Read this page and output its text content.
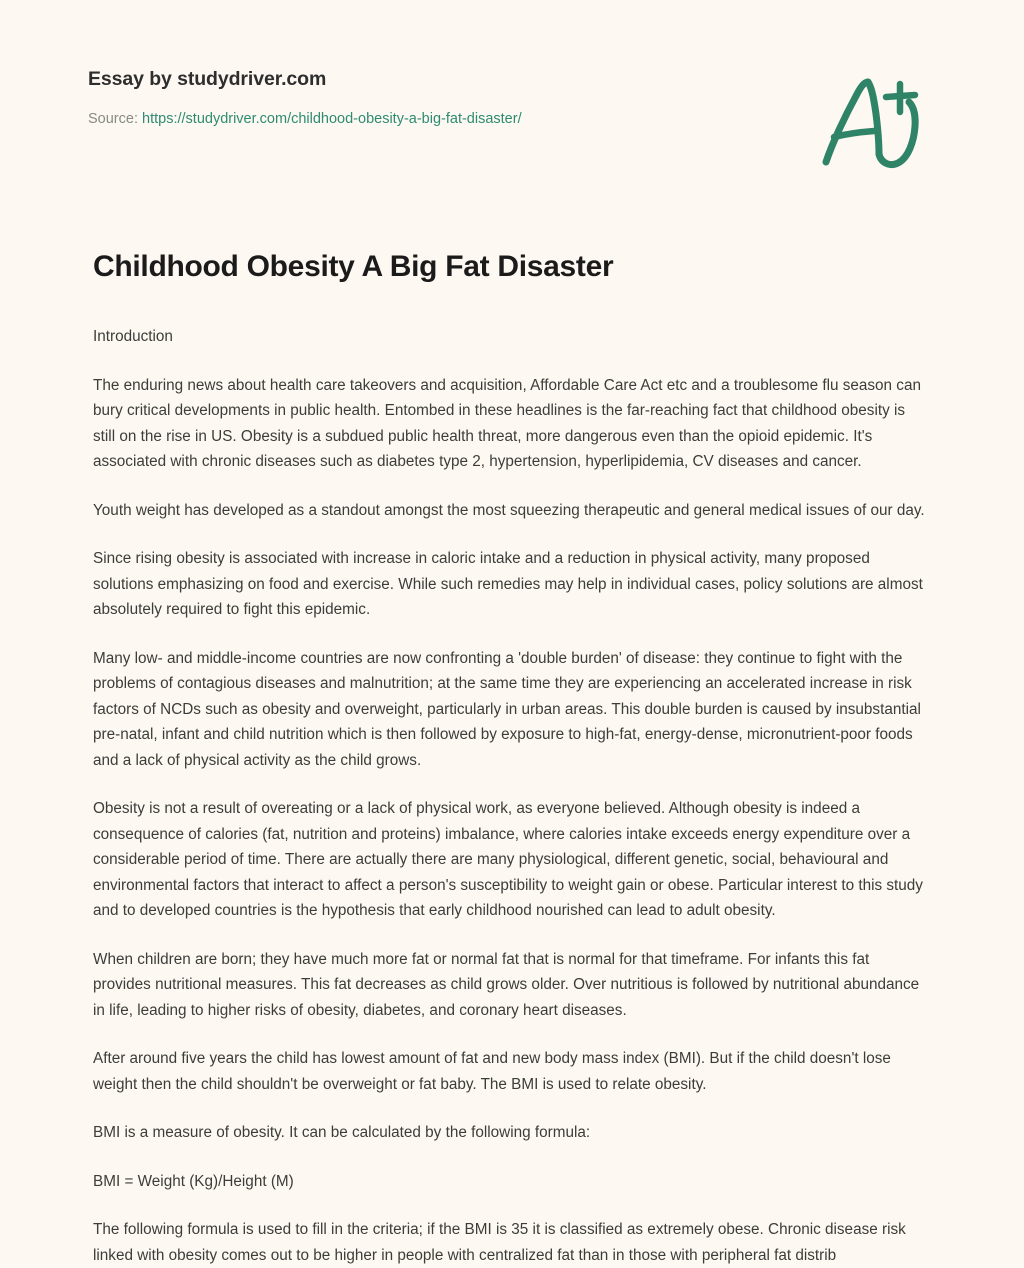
Essay by studydriver.com
Source: https://studydriver.com/childhood-obesity-a-big-fat-disaster/
Childhood Obesity A Big Fat Disaster

Introduction

The enduring news about health care takeovers and acquisition, Affordable Care Act etc and a troublesome flu season can bury critical developments in public health. Entombed in these headlines is the far-reaching fact that childhood obesity is still on the rise in US. Obesity is a subdued public health threat, more dangerous even than the opioid epidemic. It's associated with chronic diseases such as diabetes type 2, hypertension, hyperlipidemia, CV diseases and cancer.

Youth weight has developed as a standout amongst the most squeezing therapeutic and general medical issues of our day.

Since rising obesity is associated with increase in caloric intake and a reduction in physical activity, many proposed solutions emphasizing on food and exercise. While such remedies may help in individual cases, policy solutions are almost absolutely required to fight this epidemic.

Many low- and middle-income countries are now confronting a 'double burden' of disease: they continue to fight with the problems of contagious diseases and malnutrition; at the same time they are experiencing an accelerated increase in risk factors of NCDs such as obesity and overweight, particularly in urban areas. This double burden is caused by insubstantial pre-natal, infant and child nutrition which is then followed by exposure to high-fat, energy-dense, micronutrient-poor foods and a lack of physical activity as the child grows.

Obesity is not a result of overeating or a lack of physical work, as everyone believed. Although obesity is indeed a consequence of calories (fat, nutrition and proteins) imbalance, where calories intake exceeds energy expenditure over a considerable period of time. There are actually there are many physiological, different genetic, social, behavioural and environmental factors that interact to affect a person's susceptibility to weight gain or obese. Particular interest to this study and to developed countries is the hypothesis that early childhood nourished can lead to adult obesity.

When children are born; they have much more fat or normal fat that is normal for that timeframe. For infants this fat provides nutritional measures. This fat decreases as child grows older. Over nutritious is followed by nutritional abundance in life, leading to higher risks of obesity, diabetes, and coronary heart diseases.

After around five years the child has lowest amount of fat and new body mass index (BMI). But if the child doesn't lose weight then the child shouldn't be overweight or fat baby. The BMI is used to relate obesity.

BMI is a measure of obesity. It can be calculated by the following formula:

BMI = Weight (Kg)/Height (M)

The following formula is used to fill in the criteria; if the BMI is 35 it is classified as extremely obese. Chronic disease risk linked with obesity comes out to be higher in people with centralized fat than in those with peripheral fat distrib
